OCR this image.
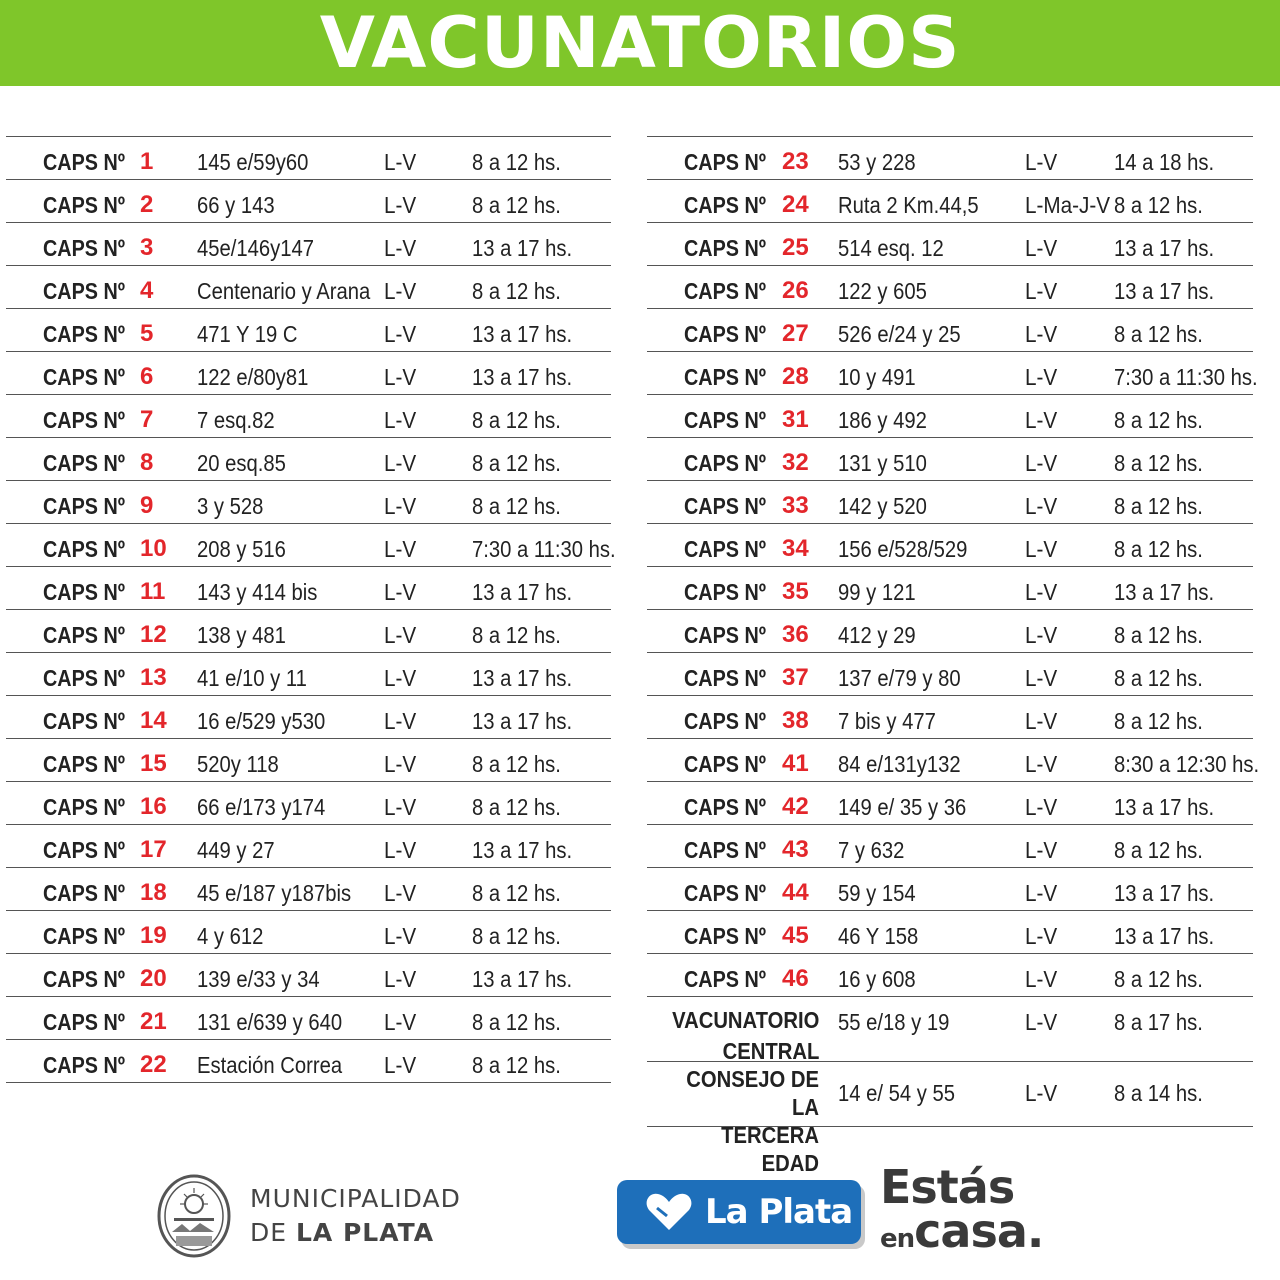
VACUNATORIOS
CAPS Nº 1 145 e/59y60	L-V 8 a 12 hs.
CAPS Nº 2 66 y 143	L-V 8 a 12 hs.
CAPS Nº 3 45e/146y147	L-V 13 a 17 hs.
CAPS Nº 4 Centenario y Arana L-V 8 a 12 hs.
CAPS Nº 5 471 Y 19 C	L-V 13 a 17 hs.
CAPS Nº 6 122 e/80y81	L-V 13 a 17 hs.
CAPS Nº 7 7 esq.82	L-V 8 a 12 hs.
CAPS Nº 8 20 esq.85	L-V 8 a 12 hs.
CAPS Nº 9 3 y 528	L-V 8 a 12 hs.
CAPS Nº 10 208 y 516	L-V 7:30 a 11:30 hs.
CAPS Nº 11 143 y 414 bis	L-V 13 a 17 hs.
CAPS Nº 12 138 y 481	L-V 8 a 12 hs.
CAPS Nº 13 41 e/10 y 11	L-V 13 a 17 hs.
CAPS Nº 14 16 e/529 y530	L-V 13 a 17 hs.
CAPS Nº 15 520y 118	L-V 8 a 12 hs.
CAPS Nº 16 66 e/173 y174	L-V 8 a 12 hs.
CAPS Nº 17 449 y 27	L-V 13 a 17 hs.
CAPS Nº 18 45 e/187 y187bis L-V 8 a 12 hs.
CAPS Nº 19 4 y 612	L-V 8 a 12 hs.
CAPS Nº 20 139 e/33 y 34	L-V 13 a 17 hs.
CAPS Nº 21 131 e/639 y 640 L-V 8 a 12 hs.
CAPS Nº 22 Estación Correa L-V 8 a 12 hs.
CAPS Nº 23 53 y 228	L-V 14 a 18 hs.
CAPS Nº 24 Ruta 2 Km.44,5 L-Ma-J-V 8 a 12 hs.
CAPS Nº 25 514 esq. 12	L-V 13 a 17 hs.
CAPS Nº 26 122 y 605	L-V 13 a 17 hs.
CAPS Nº 27 526 e/24 y 25	L-V 8 a 12 hs.
CAPS Nº 28 10 y 491	L-V 7:30 a 11:30 hs.
CAPS Nº 31 186 y 492	L-V 8 a 12 hs.
CAPS Nº 32 131 y 510	L-V 8 a 12 hs.
CAPS Nº 33 142 y 520	L-V 8 a 12 hs.
CAPS Nº 34 156 e/528/529	L-V 8 a 12 hs.
CAPS Nº 35 99 y 121	L-V 13 a 17 hs.
CAPS Nº 36 412 y 29	L-V 8 a 12 hs.
CAPS Nº 37 137 e/79 y 80	L-V 8 a 12 hs.
CAPS Nº 38 7 bis y 477	L-V 8 a 12 hs.
CAPS Nº 41 84 e/131y132	L-V 8:30 a 12:30 hs.
CAPS Nº 42 149 e/ 35 y 36	L-V 13 a 17 hs.
CAPS Nº 43 7 y 632	L-V 8 a 12 hs.
CAPS Nº 44 59 y 154	L-V 13 a 17 hs.
CAPS Nº 45 46 Y 158	L-V 13 a 17 hs.
CAPS Nº 46 16 y 608	L-V 8 a 12 hs.
VACUNATORIO
CENTRAL
55 e/18 y 19	L-V 8 a 17 hs.
CONSEJO DE LA
TERCERA EDAD
14 e/ 54 y 55	L-V 8 a 14 hs.
MUNICIPALIDAD
DE LA PLATA
La Plata Estás
encasa.
